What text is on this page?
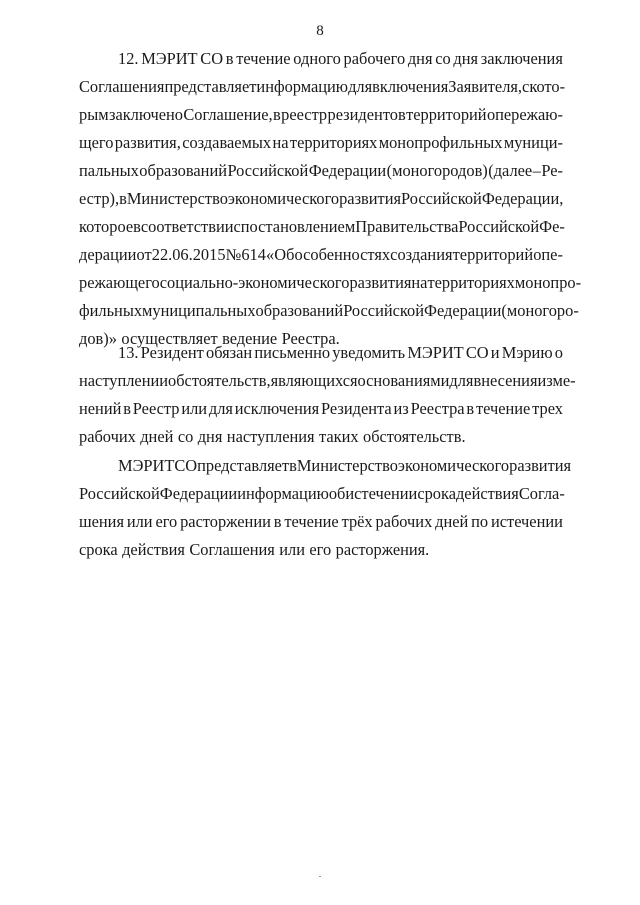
8
12. МЭРИТ СО в течение одного рабочего дня со дня заключения
Соглашения представляет информацию для включения Заявителя, с кото-
рым заключено Соглашение, в реестр резидентов территорий опережаю-
щего развития, создаваемых на территориях монопрофильных муници-
пальных образований Российской Федерации (моногородов) (далее – Ре-
естр), в Министерство экономического развития Российской Федерации,
которое в соответствии с постановлением Правительства Российской Фе-
дерации от 22.06.2015 № 614 «Об особенностях создания территорий опе-
режающего социально-экономического развития на территориях монопро-
фильных муниципальных образований Российской Федерации (моногоро-
дов)» осуществляет ведение Реестра.
13. Резидент обязан письменно уведомить МЭРИТ СО и Мэрию о
наступлении обстоятельств, являющихся основаниями для внесения изме-
нений в Реестр или для исключения Резидента из Реестра в течение трех
рабочих дней со дня наступления таких обстоятельств.
МЭРИТ СО представляет в Министерство экономического развития
Российской Федерации информацию об истечении срока действия Согла-
шения или его расторжении в течение трёх рабочих дней по истечении
срока действия Соглашения или его расторжения.
